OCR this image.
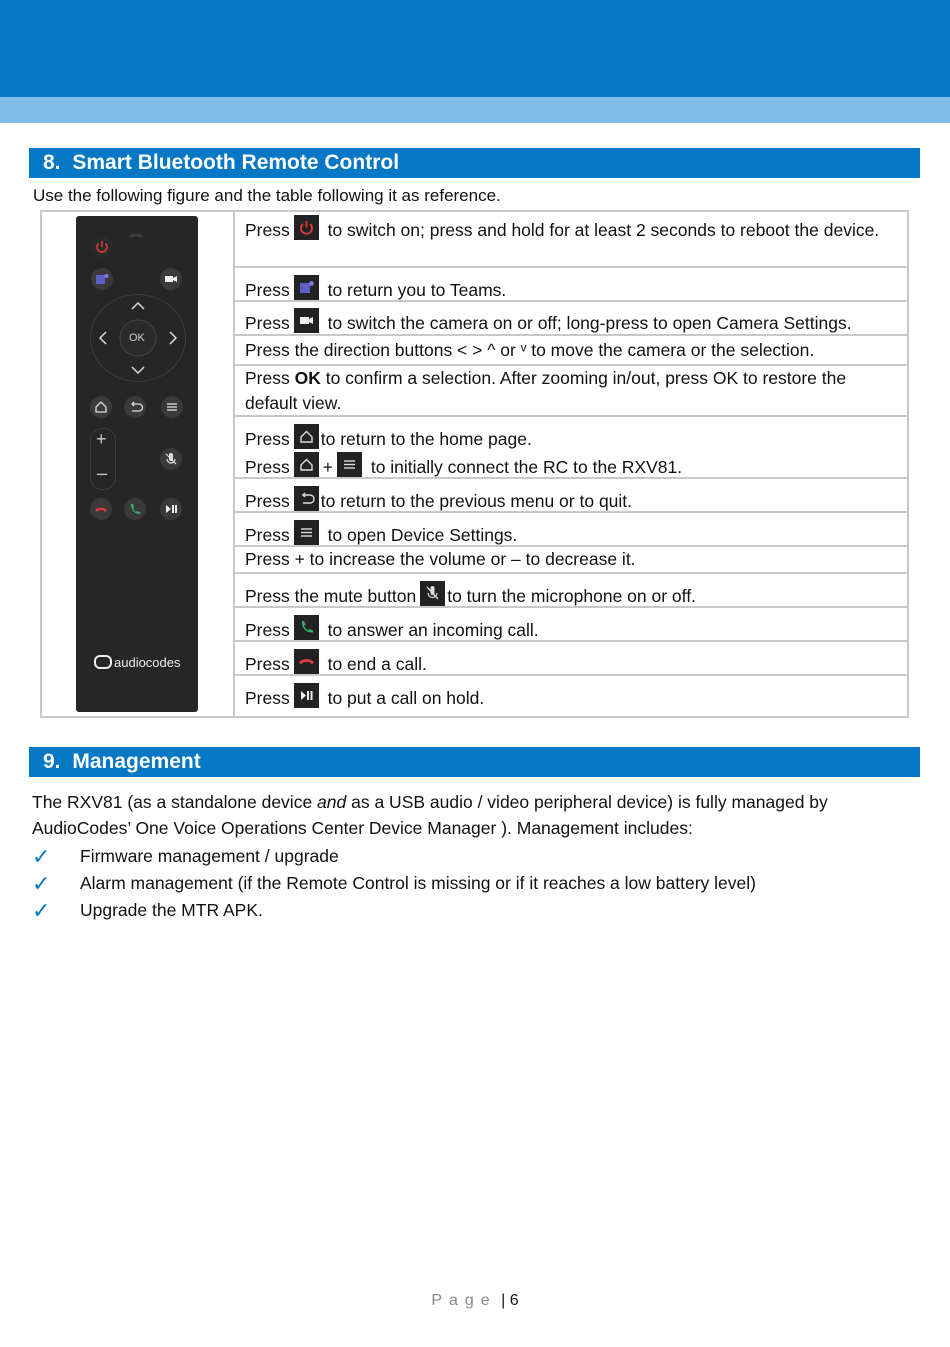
8. Smart Bluetooth Remote Control
Use the following figure and the table following it as reference.
OK
+
–
audiocodes
Press
to switch on; press and hold for at least 2 seconds to reboot the device.
Press
to return you to Teams.
Press
to switch the camera on or off; long-press to open Camera Settings.
Press the direction buttons < > ^ or ᵛ to move the camera or the selection.
Press OK to confirm a selection. After zooming in/out, press OK to restore the default view.
Press to return to the home page.
Press +
to initially connect the RC to the RXV81.
Press to return to the previous menu or to quit.
Press
to open Device Settings.
Press + to increase the volume or – to decrease it.
Press the mute button to turn the microphone on or off.
Press
to answer an incoming call.
Press
to end a call.
Press
to put a call on hold.
9. Management
The RXV81 (as a standalone device and as a USB audio / video peripheral device) is fully managed by AudioCodes’ One Voice Operations Center Device Manager ). Management includes:
✓ Firmware management / upgrade
✓ Alarm management (if the Remote Control is missing or if it reaches a low battery level)
✓ Upgrade the MTR APK.
Page | 6
